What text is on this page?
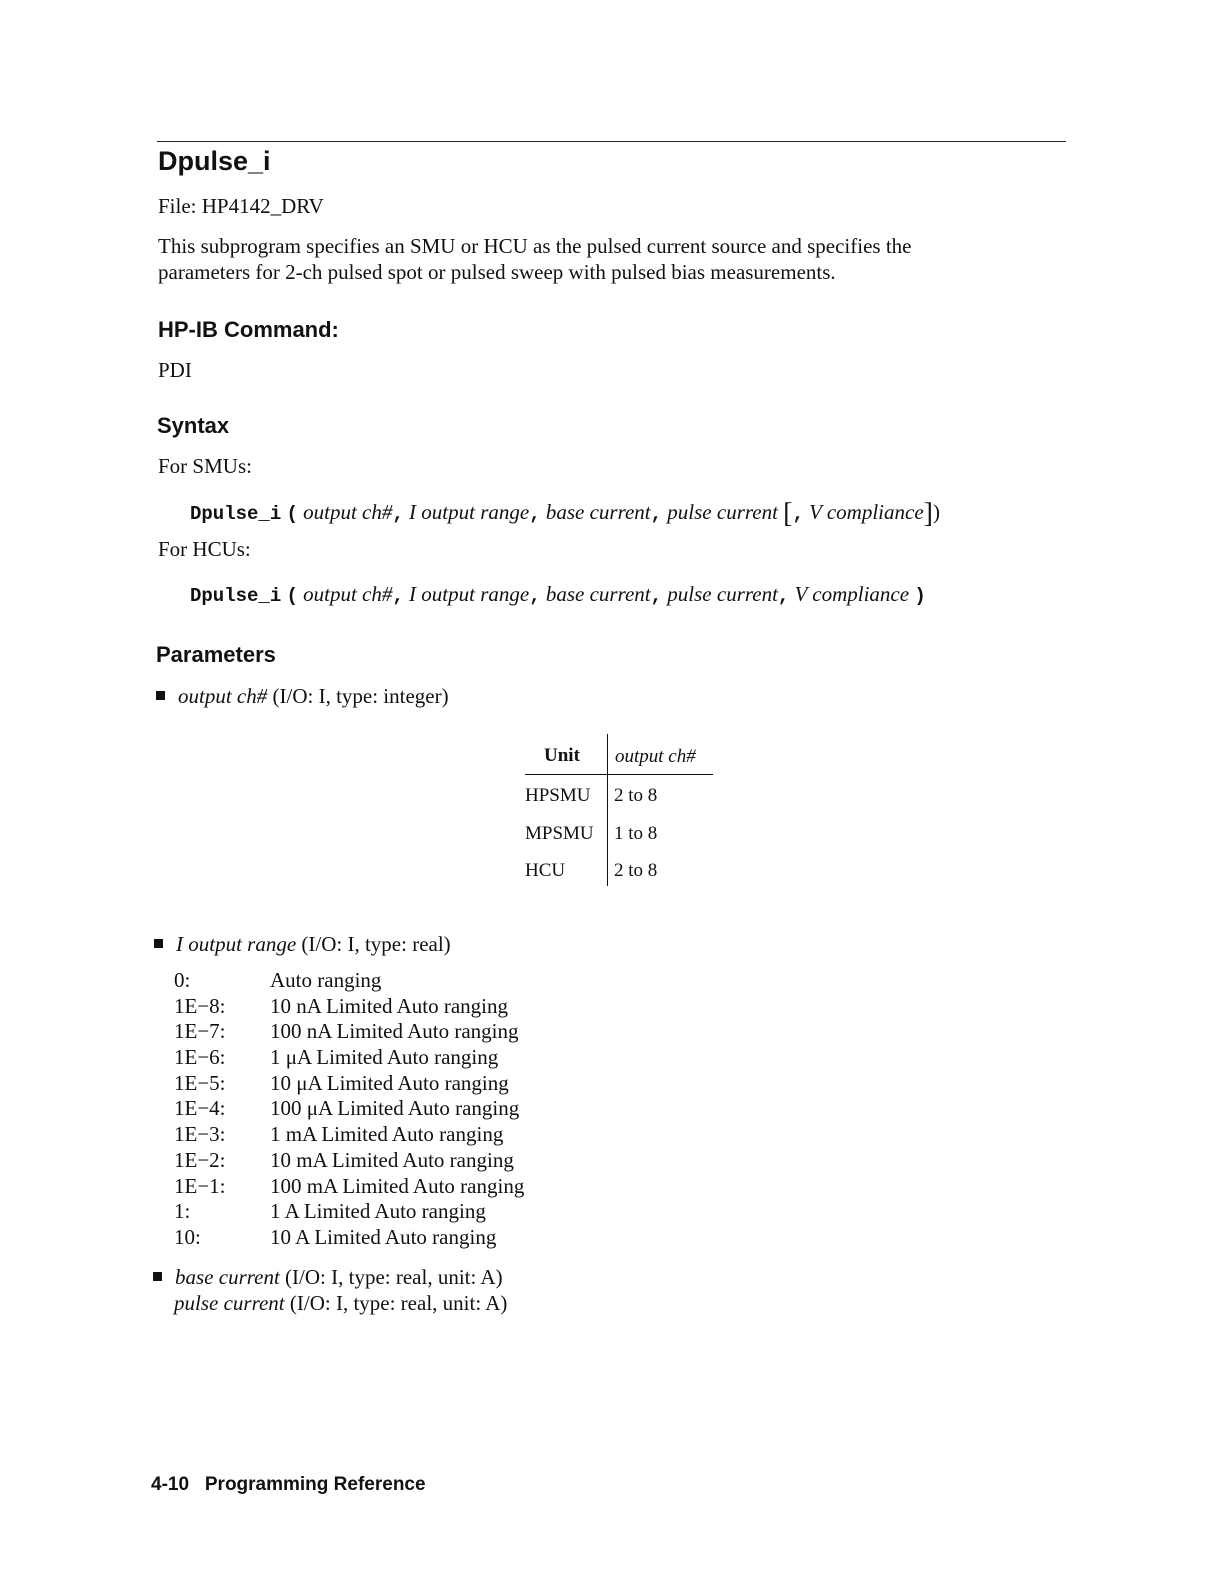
Dpulse_i
File: HP4142_DRV
This subprogram specifies an SMU or HCU as the pulsed current source and specifies the
parameters for 2-ch pulsed spot or pulsed sweep with pulsed bias measurements.
HP-IB Command:
PDI
Syntax
For SMUs:
Dpulse_i ( output ch#, I output range, base current, pulse current [, V compliance])
For HCUs:
Dpulse_i ( output ch#, I output range, base current, pulse current, V compliance )
Parameters
output ch# (I/O: I, type: integer)
Unit output ch#
HPSMU 2 to 8
MPSMU 1 to 8
HCU	2 to 8
I output range (I/O: I, type: real)
0:	Auto ranging
1E−8: 10 nA Limited Auto ranging
1E−7: 100 nA Limited Auto ranging
1E−6: 1 μA Limited Auto ranging
1E−5: 10 μA Limited Auto ranging
1E−4: 100 μA Limited Auto ranging
1E−3: 1 mA Limited Auto ranging
1E−2: 10 mA Limited Auto ranging
1E−1: 100 mA Limited Auto ranging
1:	1 A Limited Auto ranging
10:	10 A Limited Auto ranging
base current (I/O: I, type: real, unit: A)
pulse current (I/O: I, type: real, unit: A)
4-10 Programming Reference
